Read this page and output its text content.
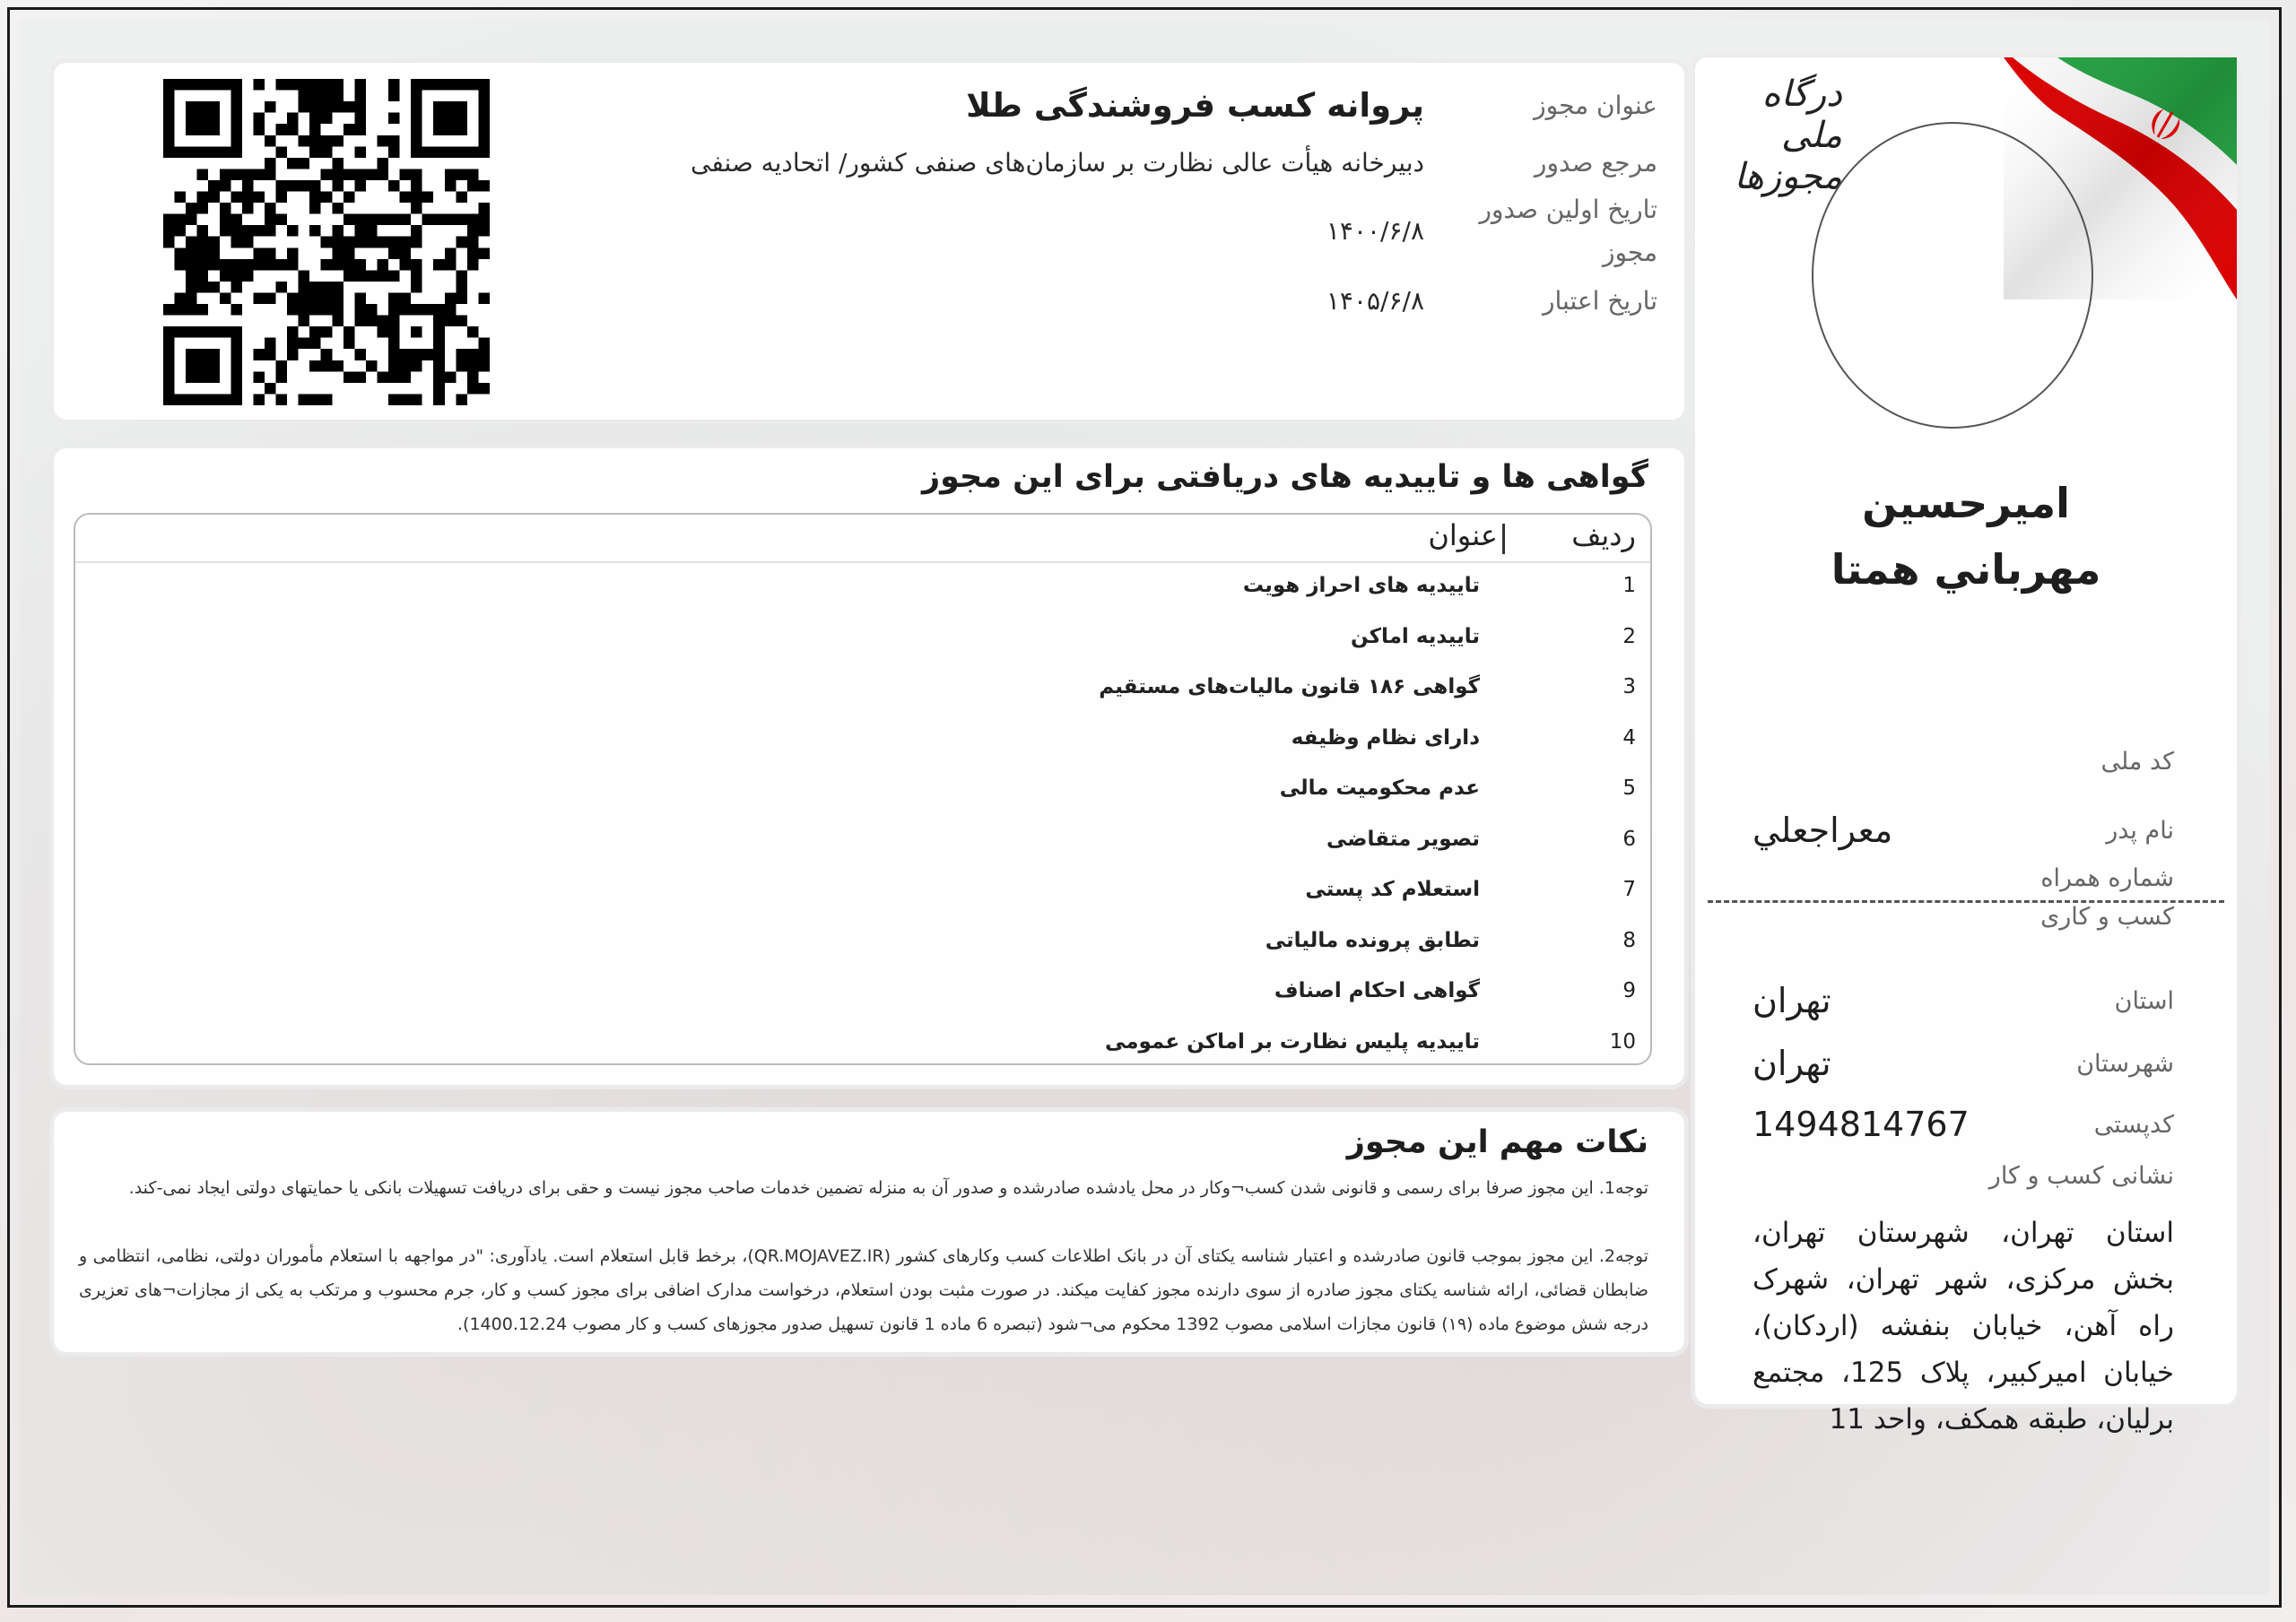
درگاه ملی مجوزها
اميرحسين
مهرباني همتا
کد ملی
نام پدر
معراجعلي
شماره همراه
کسب و کاری
استان
تهران
شهرستان
تهران
کدپستی
1494814767
نشانی کسب و کار
استان تهران، شهرستان تهران، بخش مرکزی، شهر تهران، شهرک راه آهن، خیابان بنفشه (اردکان)، خیابان امیرکبیر، پلاک 125، مجتمع برلیان، طبقه همکف، واحد 11
عنوان مجوز
پروانه کسب فروشندگی طلا
مرجع صدور
دبیرخانه هیأت عالی نظارت بر سازمان‌های صنفی کشور/ اتحادیه صنفی
تاریخ اولین صدور مجوز
۱۴۰۰/۶/۸
تاریخ اعتبار
۱۴۰۵/۶/۸
گواهی ها و تاییدیه های دریافتی برای این مجوز
ردیف
عنوان
1
تاییدیه های احراز هویت
2
تاییدیه اماکن
3
گواهی ۱۸۶ قانون مالیات‌های مستقیم
4
دارای نظام وظیفه
5
عدم محکومیت مالی
6
تصویر متقاضی
7
استعلام کد پستی
8
تطابق پرونده مالیاتی
9
گواهی احکام اصناف
10
تاییدیه پلیس نظارت بر اماکن عمومی
نکات مهم این مجوز
توجه1. این مجوز صرفا برای رسمی و قانونی شدن کسب¬وکار در محل یادشده صادرشده و صدور آن به منزله تضمین خدمات صاحب مجوز نیست و حقی برای دریافت تسهیلات بانکی یا حمایتهای دولتی ایجاد نمی-کند.
توجه2. این مجوز بموجب قانون صادرشده و اعتبار شناسه یکتای آن در بانک اطلاعات کسب وکارهای کشور (QR.MOJAVEZ.IR)، برخط قابل استعلام است. یادآوری: "در مواجهه با استعلام مأموران دولتی، نظامی، انتظامی و ضابطان قضائی، ارائه شناسه یکتای مجوز صادره از سوی دارنده مجوز کفایت میکند. در صورت مثبت بودن استعلام، درخواست مدارک اضافی برای مجوز کسب و کار، جرم محسوب و مرتکب به یکی از مجازات¬های تعزیری درجه شش موضوع ماده (۱۹) قانون مجازات اسلامی مصوب 1392 محکوم می¬شود (تبصره 6 ماده 1 قانون تسهیل صدور مجوزهای کسب و کار مصوب 1400.12.24).
